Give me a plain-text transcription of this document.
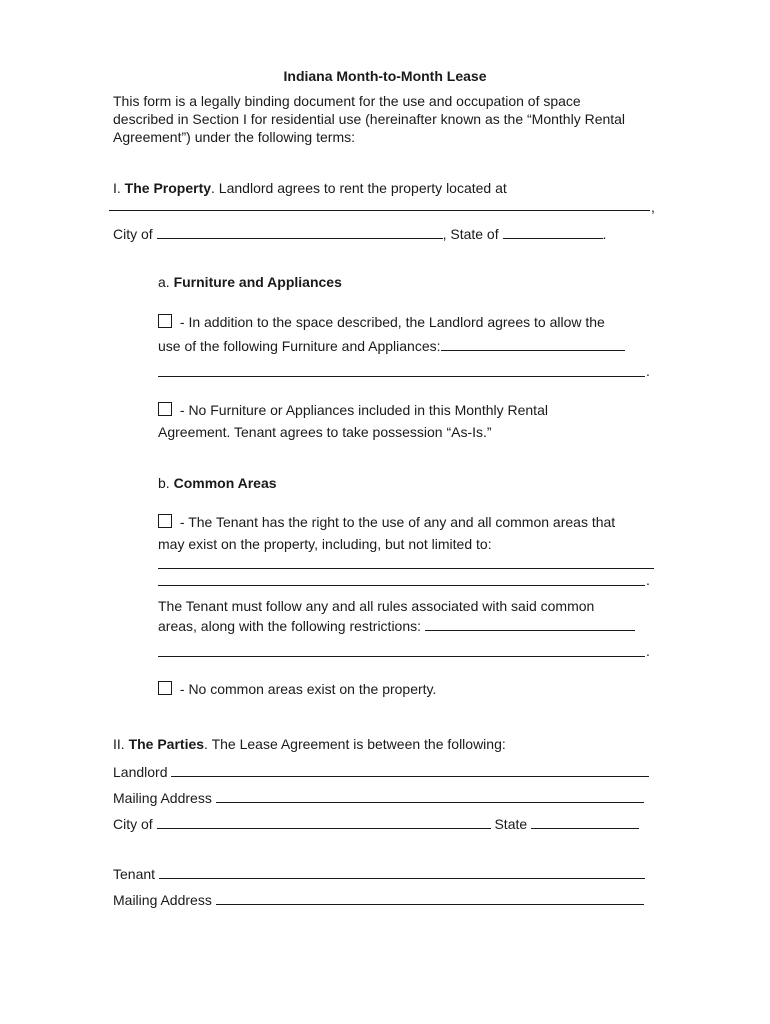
Indiana Month-to-Month Lease
This form is a legally binding document for the use and occupation of space described in Section I for residential use (hereinafter known as the “Monthly Rental Agreement”) under the following terms:
I. The Property. Landlord agrees to rent the property located at
,
City of	, State of	.
a. Furniture and Appliances
- In addition to the space described, the Landlord agrees to allow the
use of the following Furniture and Appliances:
.
- No Furniture or Appliances included in this Monthly Rental
Agreement. Tenant agrees to take possession “As-Is.”
b. Common Areas
- The Tenant has the right to the use of any and all common areas that
may exist on the property, including, but not limited to:
.
The Tenant must follow any and all rules associated with said common
areas, along with the following restrictions:
.
- No common areas exist on the property.
II. The Parties. The Lease Agreement is between the following:
Landlord
Mailing Address
City of	State
Tenant
Mailing Address
